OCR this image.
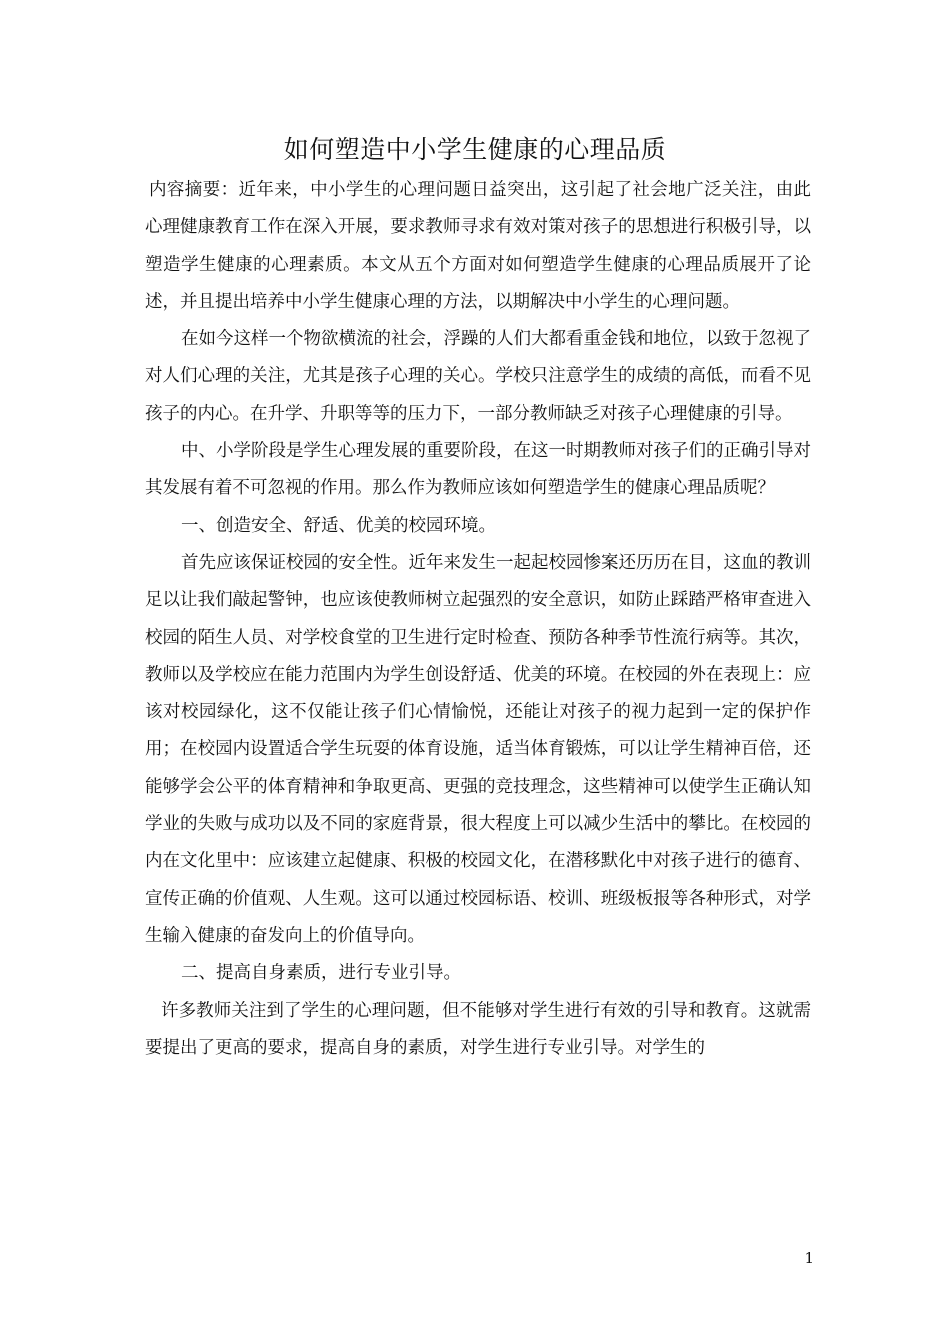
如何塑造中小学生健康的心理品质

内容摘要：近年来，中小学生的心理问题日益突出，这引起了社会地广泛关注，由此心理健康教育工作在深入开展，要求教师寻求有效对策对孩子的思想进行积极引导，以塑造学生健康的心理素质。本文从五个方面对如何塑造学生健康的心理品质展开了论述，并且提出培养中小学生健康心理的方法，以期解决中小学生的心理问题。

在如今这样一个物欲横流的社会，浮躁的人们大都看重金钱和地位，以致于忽视了对人们心理的关注，尤其是孩子心理的关心。学校只注意学生的成绩的高低，而看不见孩子的内心。在升学、升职等等的压力下，一部分教师缺乏对孩子心理健康的引导。

中、小学阶段是学生心理发展的重要阶段，在这一时期教师对孩子们的正确引导对其发展有着不可忽视的作用。那么作为教师应该如何塑造学生的健康心理品质呢？

一、创造安全、舒适、优美的校园环境。

首先应该保证校园的安全性。近年来发生一起起校园惨案还历历在目，这血的教训足以让我们敲起警钟，也应该使教师树立起强烈的安全意识，如防止踩踏严格审查进入校园的陌生人员、对学校食堂的卫生进行定时检查、预防各种季节性流行病等。其次，教师以及学校应在能力范围内为学生创设舒适、优美的环境。在校园的外在表现上：应该对校园绿化，这不仅能让孩子们心情愉悦，还能让对孩子的视力起到一定的保护作用；在校园内设置适合学生玩耍的体育设施，适当体育锻炼，可以让学生精神百倍，还能够学会公平的体育精神和争取更高、更强的竞技理念，这些精神可以使学生正确认知学业的失败与成功以及不同的家庭背景，很大程度上可以减少生活中的攀比。在校园的内在文化里中：应该建立起健康、积极的校园文化，在潜移默化中对孩子进行的德育、宣传正确的价值观、人生观。这可以通过校园标语、校训、班级板报等各种形式，对学生输入健康的奋发向上的价值导向。

二、提高自身素质，进行专业引导。

许多教师关注到了学生的心理问题，但不能够对学生进行有效的引导和教育。这就需要提出了更高的要求，提高自身的素质，对学生进行专业引导。对学生的

1
